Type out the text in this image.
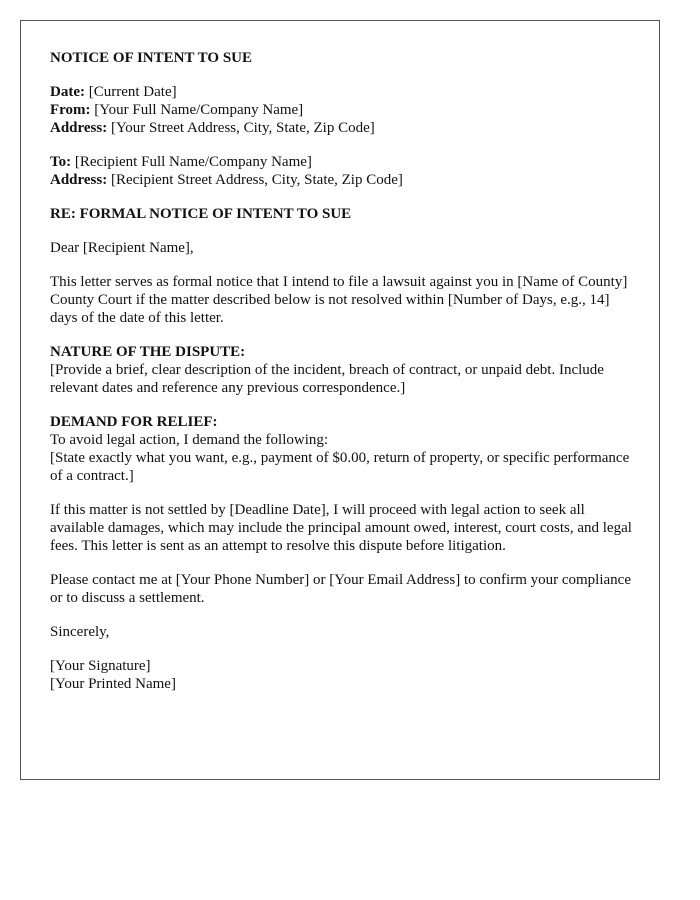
NOTICE OF INTENT TO SUE
Date: [Current Date]
From: [Your Full Name/Company Name]
Address: [Your Street Address, City, State, Zip Code]
To: [Recipient Full Name/Company Name]
Address: [Recipient Street Address, City, State, Zip Code]
RE: FORMAL NOTICE OF INTENT TO SUE
Dear [Recipient Name],
This letter serves as formal notice that I intend to file a lawsuit against you in [Name of County] County Court if the matter described below is not resolved within [Number of Days, e.g., 14] days of the date of this letter.
NATURE OF THE DISPUTE:
[Provide a brief, clear description of the incident, breach of contract, or unpaid debt. Include relevant dates and reference any previous correspondence.]
DEMAND FOR RELIEF:
To avoid legal action, I demand the following:
[State exactly what you want, e.g., payment of $0.00, return of property, or specific performance of a contract.]
If this matter is not settled by [Deadline Date], I will proceed with legal action to seek all available damages, which may include the principal amount owed, interest, court costs, and legal fees. This letter is sent as an attempt to resolve this dispute before litigation.
Please contact me at [Your Phone Number] or [Your Email Address] to confirm your compliance or to discuss a settlement.
Sincerely,
[Your Signature]
[Your Printed Name]
